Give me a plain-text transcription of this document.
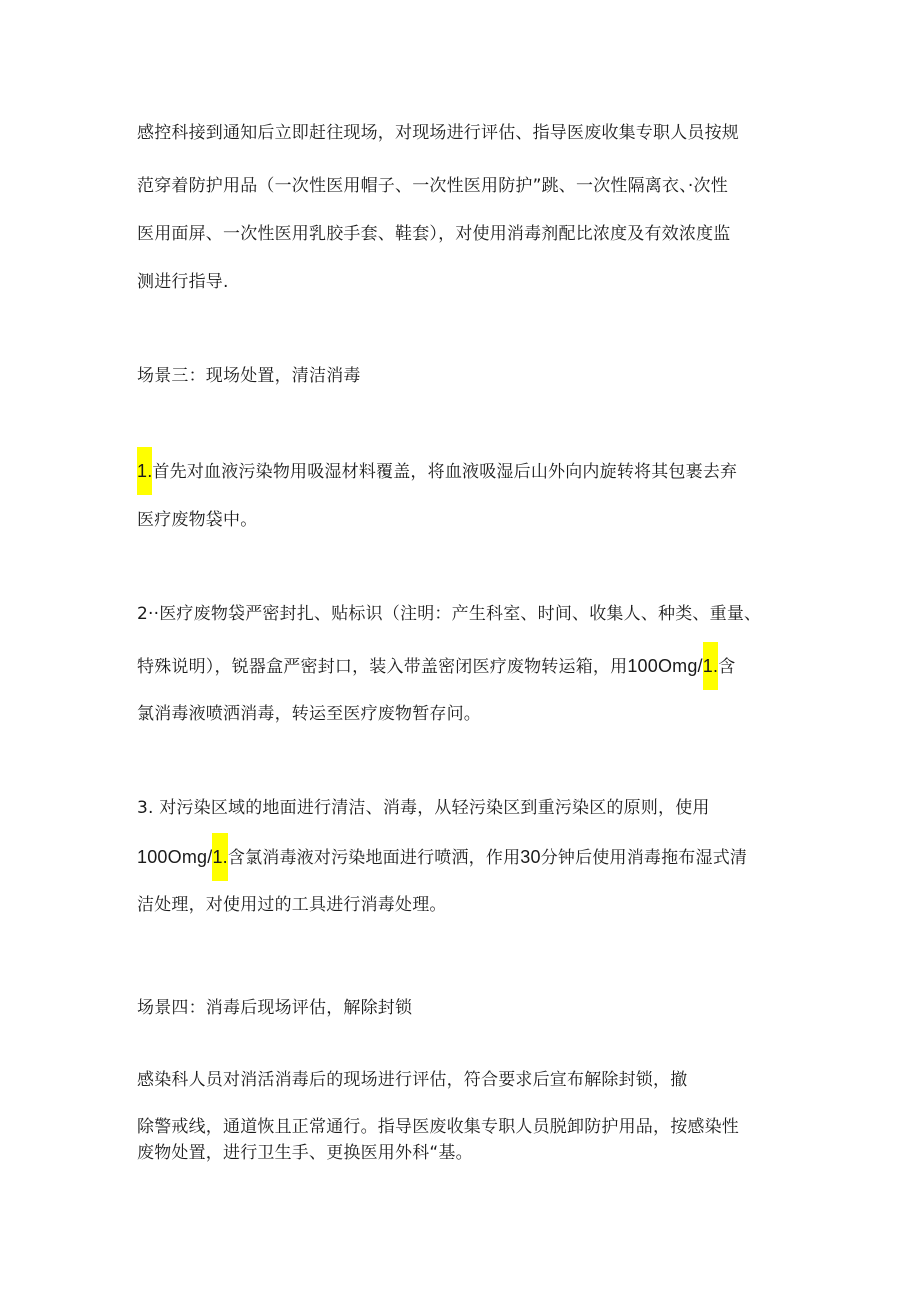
感控科接到通知后立即赶往现场，对现场进行评估、指导医废收集专职人员按规
范穿着防护用品（一次性医用帽子、一次性医用防护”跳、一次性隔离衣、·次性
医用面屏、一次性医用乳胶手套、鞋套），对使用消毒剂配比浓度及有效浓度监
测进行指导.
场景三：现场处置，清洁消毒
1.首先对血液污染物用吸湿材料覆盖，将血液吸湿后山外向内旋转将其包裹去弃
医疗废物袋中。
2··医疗废物袋严密封扎、贴标识（注明：产生科室、时间、收集人、种类、重量、
特殊说明），锐器盒严密封口，装入带盖密闭医疗废物转运箱，用100Omg/1.含
氯消毒液喷洒消毒，转运至医疗废物暂存问。
3. 对污染区域的地面进行清洁、消毒，从轻污染区到重污染区的原则，使用
100Omg/1.含氯消毒液对污染地面进行喷洒，作用30分钟后使用消毒拖布湿式清
洁处理，对使用过的工具进行消毒处理。
场景四：消毒后现场评估，解除封锁
感染科人员对消活消毒后的现场进行评估，符合要求后宣布解除封锁，撤
除警戒线，通道恢且正常通行。指导医废收集专职人员脱卸防护用品，按感染性
废物处置，进行卫生手、更换医用外科“基。
